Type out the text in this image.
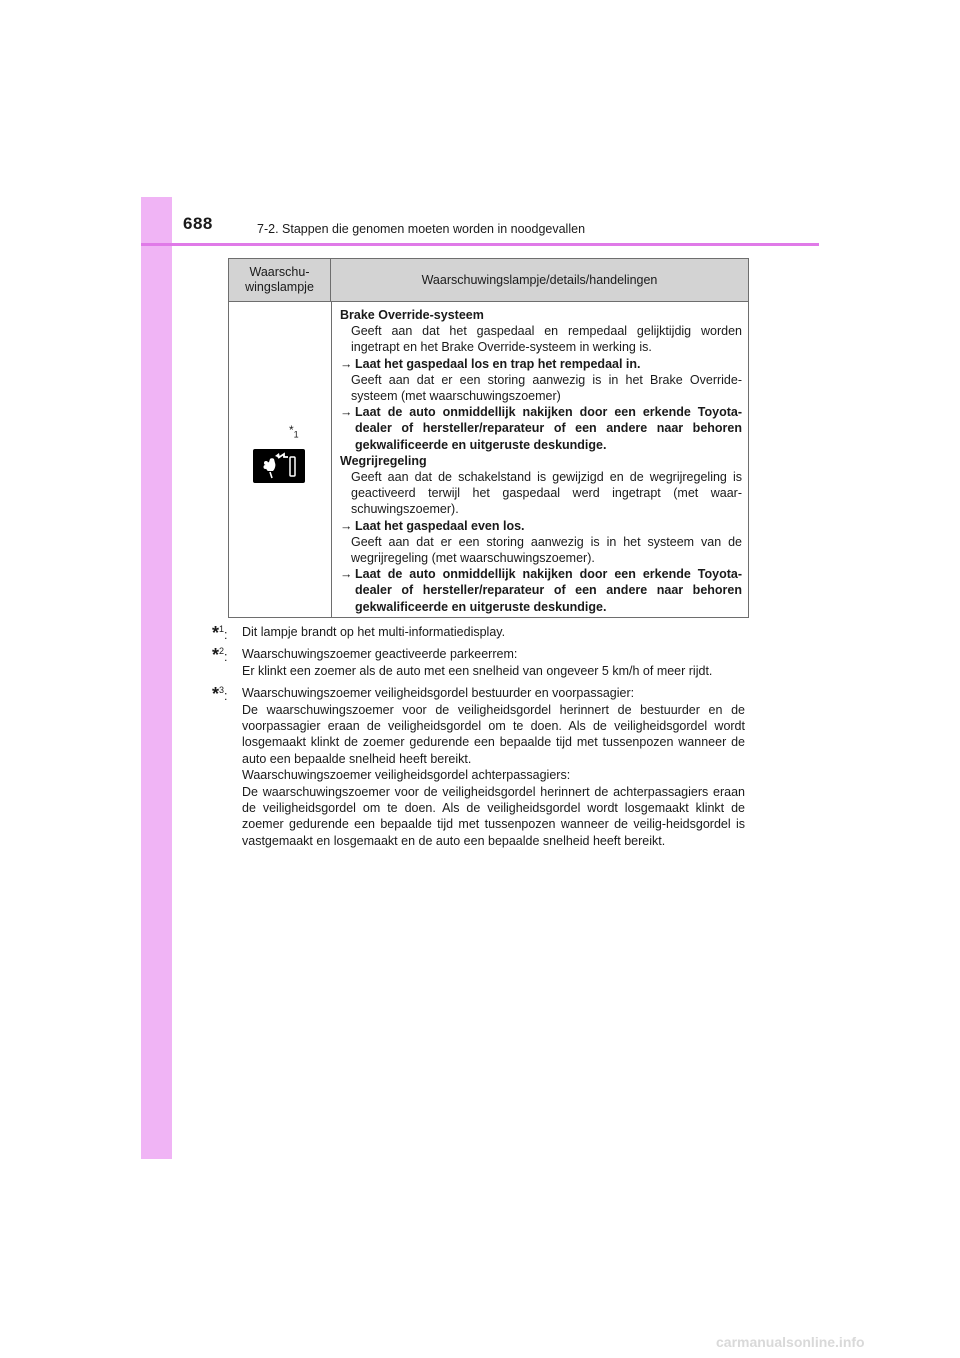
688	7-2. Stappen die genomen moeten worden in noodgevallen
Waarschu-
wingslampje
Waarschuwingslampje/details/handelingen
$*_1$
Brake Override-systeem
Geeft aan dat het gaspedaal en rempedaal gelijktijdig worden ingetrapt en het Brake Override-systeem in werking is.
→ Laat het gaspedaal los en trap het rempedaal in.
Geeft aan dat er een storing aanwezig is in het Brake Override-systeem (met waarschuwingszoemer)
→ Laat de auto onmiddellijk nakijken door een erkende Toyota-dealer of hersteller/reparateur of een andere naar behoren gekwalificeerde en uitgeruste deskundige.
Wegrijregeling
Geeft aan dat de schakelstand is gewijzigd en de wegrijregeling is geactiveerd terwijl het gaspedaal werd ingetrapt (met waar-schuwingszoemer).
→ Laat het gaspedaal even los.
Geeft aan dat er een storing aanwezig is in het systeem van de wegrijregeling (met waarschuwingszoemer).
→ Laat de auto onmiddellijk nakijken door een erkende Toyota-dealer of hersteller/reparateur of een andere naar behoren gekwalificeerde en uitgeruste deskundige.
*$^1$: Dit lampje brandt op het multi-informatiedisplay.
*$^2$: Waarschuwingszoemer geactiveerde parkeerrem:
Er klinkt een zoemer als de auto met een snelheid van ongeveer 5 km/h of meer rijdt.
*$^3$: Waarschuwingszoemer veiligheidsgordel bestuurder en voorpassagier:
De waarschuwingszoemer voor de veiligheidsgordel herinnert de bestuurder en de voorpassagier eraan de veiligheidsgordel om te doen. Als de veiligheidsgordel wordt losgemaakt klinkt de zoemer gedurende een bepaalde tijd met tussenpozen wanneer de auto een bepaalde snelheid heeft bereikt.
Waarschuwingszoemer veiligheidsgordel achterpassagiers:
De waarschuwingszoemer voor de veiligheidsgordel herinnert de achterpassagiers eraan de veiligheidsgordel om te doen. Als de veiligheidsgordel wordt losgemaakt klinkt de zoemer gedurende een bepaalde tijd met tussenpozen wanneer de veilig-heidsgordel is vastgemaakt en losgemaakt en de auto een bepaalde snelheid heeft bereikt.
carmanualsonline.info
